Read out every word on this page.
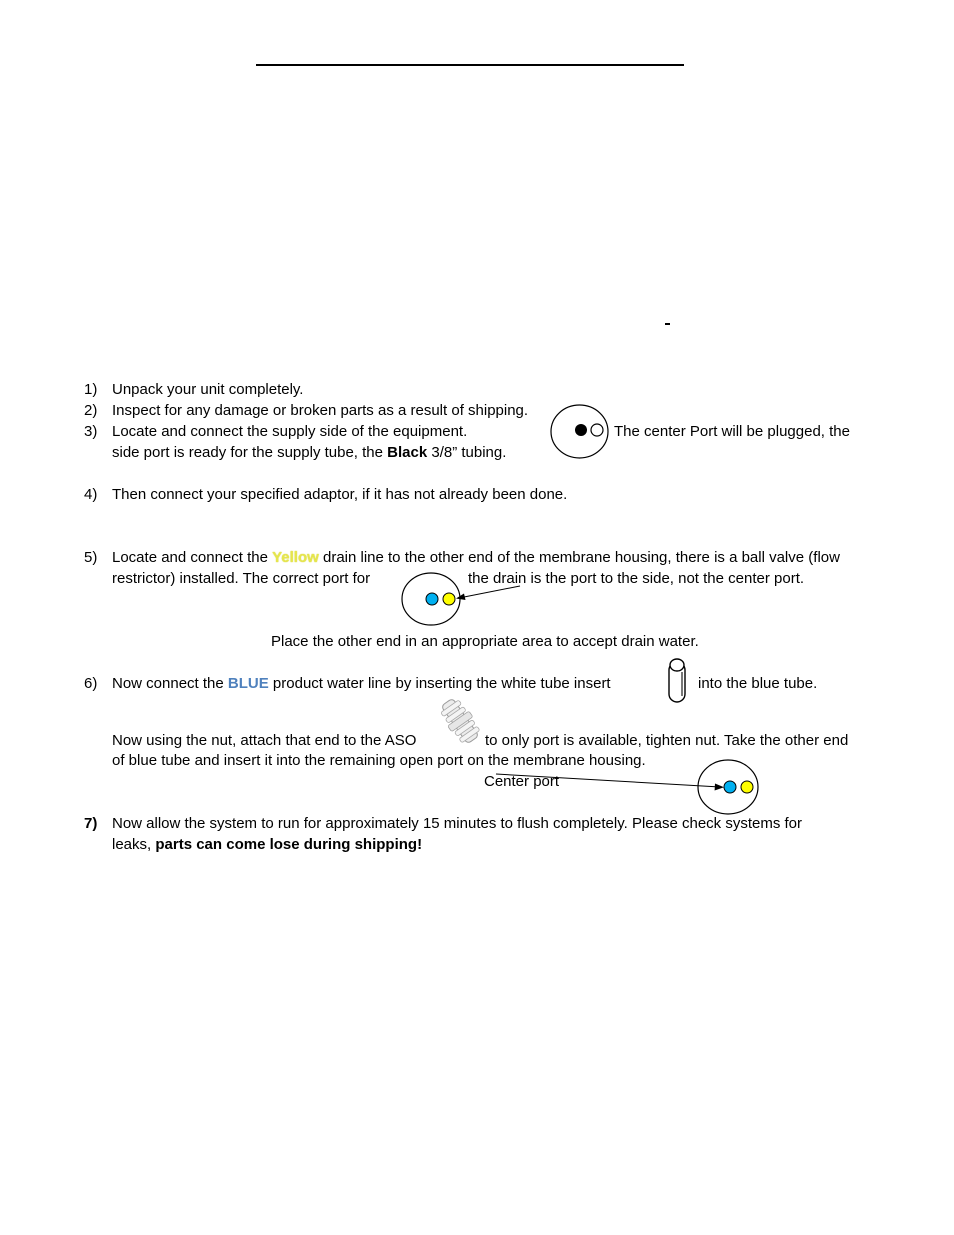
1) Unpack your unit completely.
2) Inspect for any damage or broken parts as a result of shipping.
3) Locate and connect the supply side of the equipment.	The center Port will be plugged, the
side port is ready for the supply tube, the Black 3/8” tubing.
4) Then connect your specified adaptor, if it has not already been done.
5) Locate and connect the Yellow drain line to the other end of the membrane housing, there is a ball valve (flow
restrictor) installed. The correct port for	the drain is the port to the side, not the center port.
Place the other end in an appropriate area to accept drain water.
6) Now connect the BLUE product water line by inserting the white tube insert	into the blue tube.
Now using the nut, attach that end to the ASO	to only port is available, tighten nut. Take the other end
of blue tube and insert it into the remaining open port on the membrane housing.
Center port
7) Now allow the system to run for approximately 15 minutes to flush completely. Please check systems for
leaks, parts can come lose during shipping!
